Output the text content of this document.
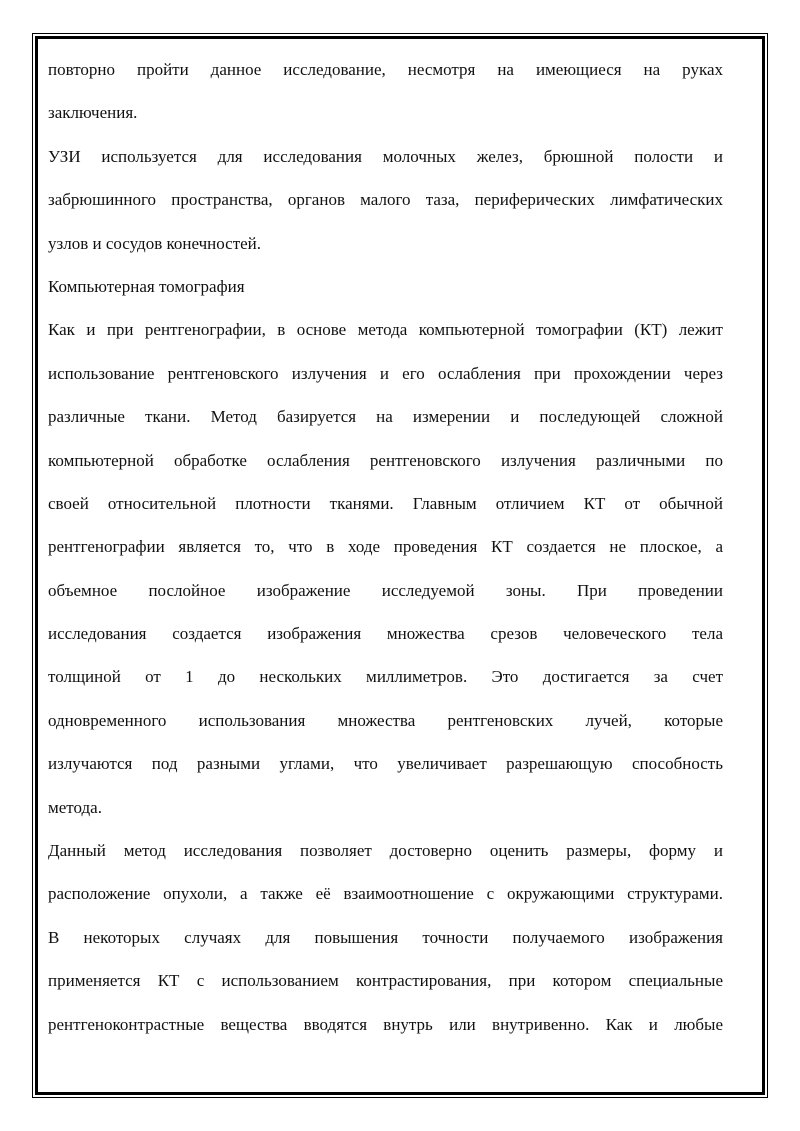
повторно пройти данное исследование, несмотря на имеющиеся на руках
заключения.
УЗИ используется для исследования молочных желез, брюшной полости и
забрюшинного пространства, органов малого таза, периферических лимфатических
узлов и сосудов конечностей.
Компьютерная томография
Как и при рентгенографии, в основе метода компьютерной томографии (КТ) лежит
использование рентгеновского излучения и его ослабления при прохождении через
различные ткани. Метод базируется на измерении и последующей сложной
компьютерной обработке ослабления рентгеновского излучения различными по
своей относительной плотности тканями. Главным отличием КТ от обычной
рентгенографии является то, что в ходе проведения КТ создается не плоское, а
объемное послойное изображение исследуемой зоны. При проведении
исследования создается изображения множества срезов человеческого тела
толщиной от 1 до нескольких миллиметров. Это достигается за счет
одновременного использования множества рентгеновских лучей, которые
излучаются под разными углами, что увеличивает разрешающую способность
метода.
Данный метод исследования позволяет достоверно оценить размеры, форму и
расположение опухоли, а также её взаимоотношение с окружающими структурами.
В некоторых случаях для повышения точности получаемого изображения
применяется КТ с использованием контрастирования, при котором специальные
рентгеноконтрастные вещества вводятся внутрь или внутривенно. Как и любые
